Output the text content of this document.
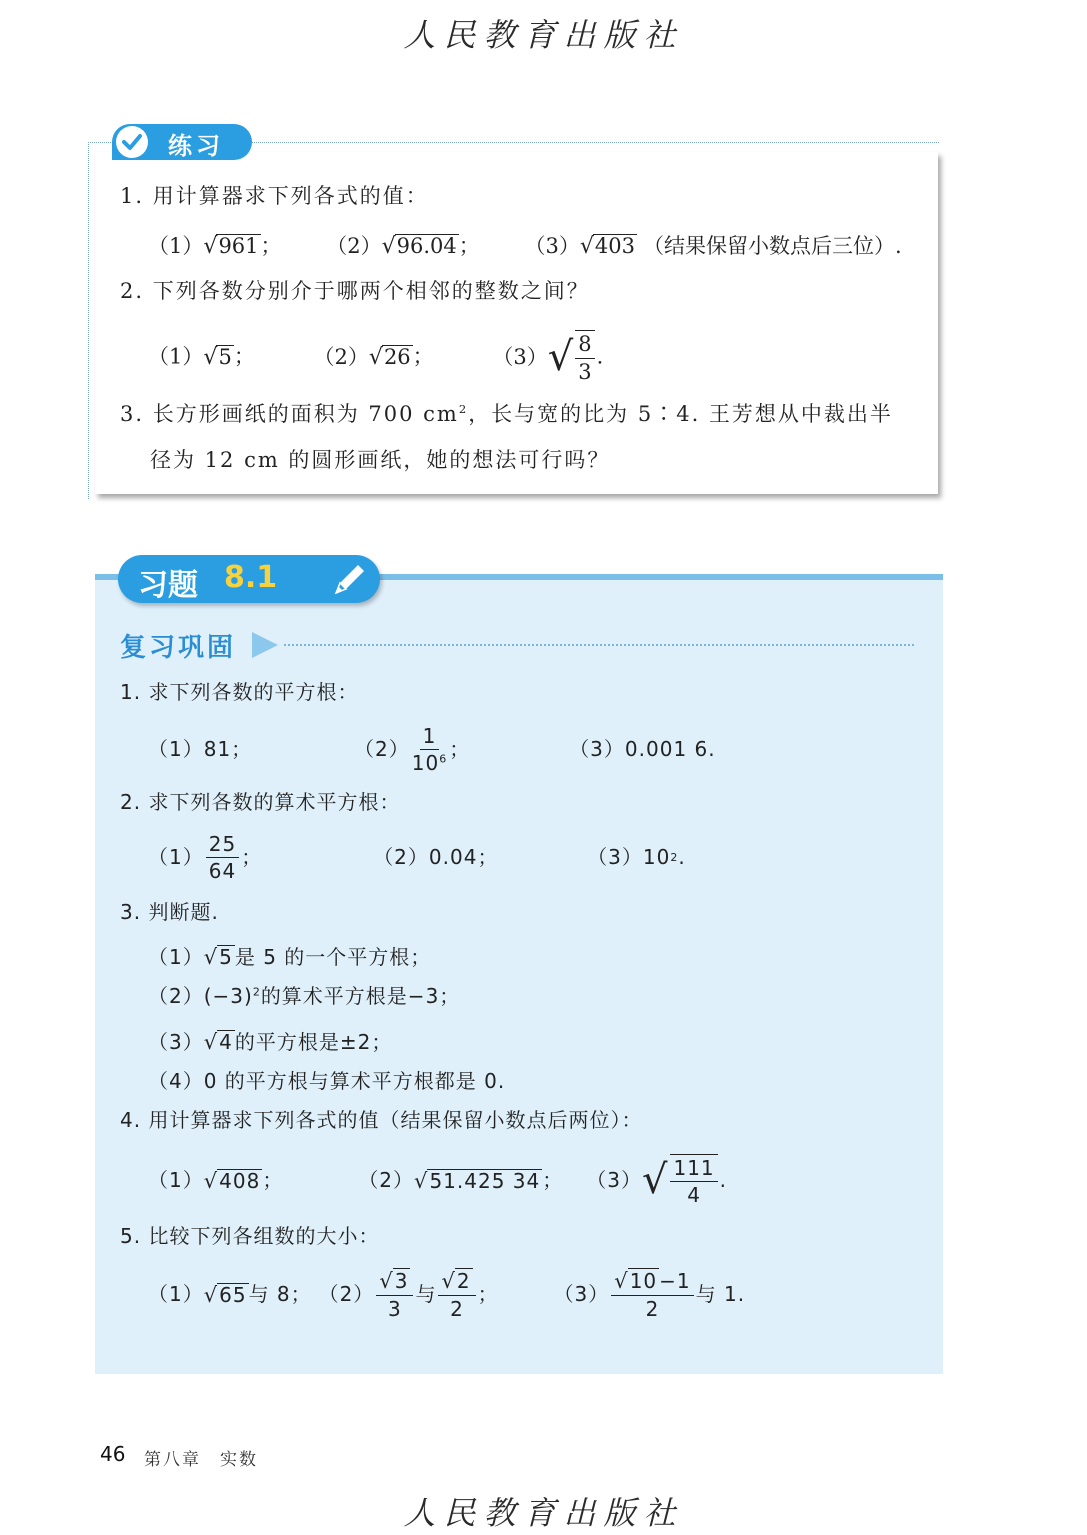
人民教育出版社
练习
1. 用计算器求下列各式的值：
（1）√961； （2）√96.04； （3）√403 （结果保留小数点后三位）.
2. 下列各数分别介于哪两个相邻的整数之间？
（1）√5；	（2）√26；	$(3)√ \frac{8}{3}$ .
3. 长方形画纸的面积为 700 $cm^2$，长与宽的比为 5∶4. 王芳想从中裁出半
径为 12 cm 的圆形画纸，她的想法可行吗？
习题 8.1
复习巩固
1. 求下列各数的平方根：
（1）81；	$(2) \frac{1}{10^6}$ ；	（3）0.001 6.
2. 求下列各数的算术平方根：
$(1) \frac{25}{64}$ ；	（2）0.04；	（3）10 2 .
3. 判断题.
（1）√5 是 5 的一个平方根；
$(2)(-3)^2$的算术平方根是−3；
（3）√4 的平方根是±2；
（4）0 的平方根与算术平方根都是 0.
4. 用计算器求下列各式的值（结果保留小数点后两位）：
（1） √408 ；	（2） √51.425 34 ；	（3） √ $\frac{111}{4}$ .
5. 比较下列各组数的大小：
（1） √65 与 8； $(2) \frac{√3}{3}$ 与 $\frac{√2}{2}$ ；	$(3) \frac{√10 -1}{2}$ 与 1.
46 第八章　实数
人民教育出版社
